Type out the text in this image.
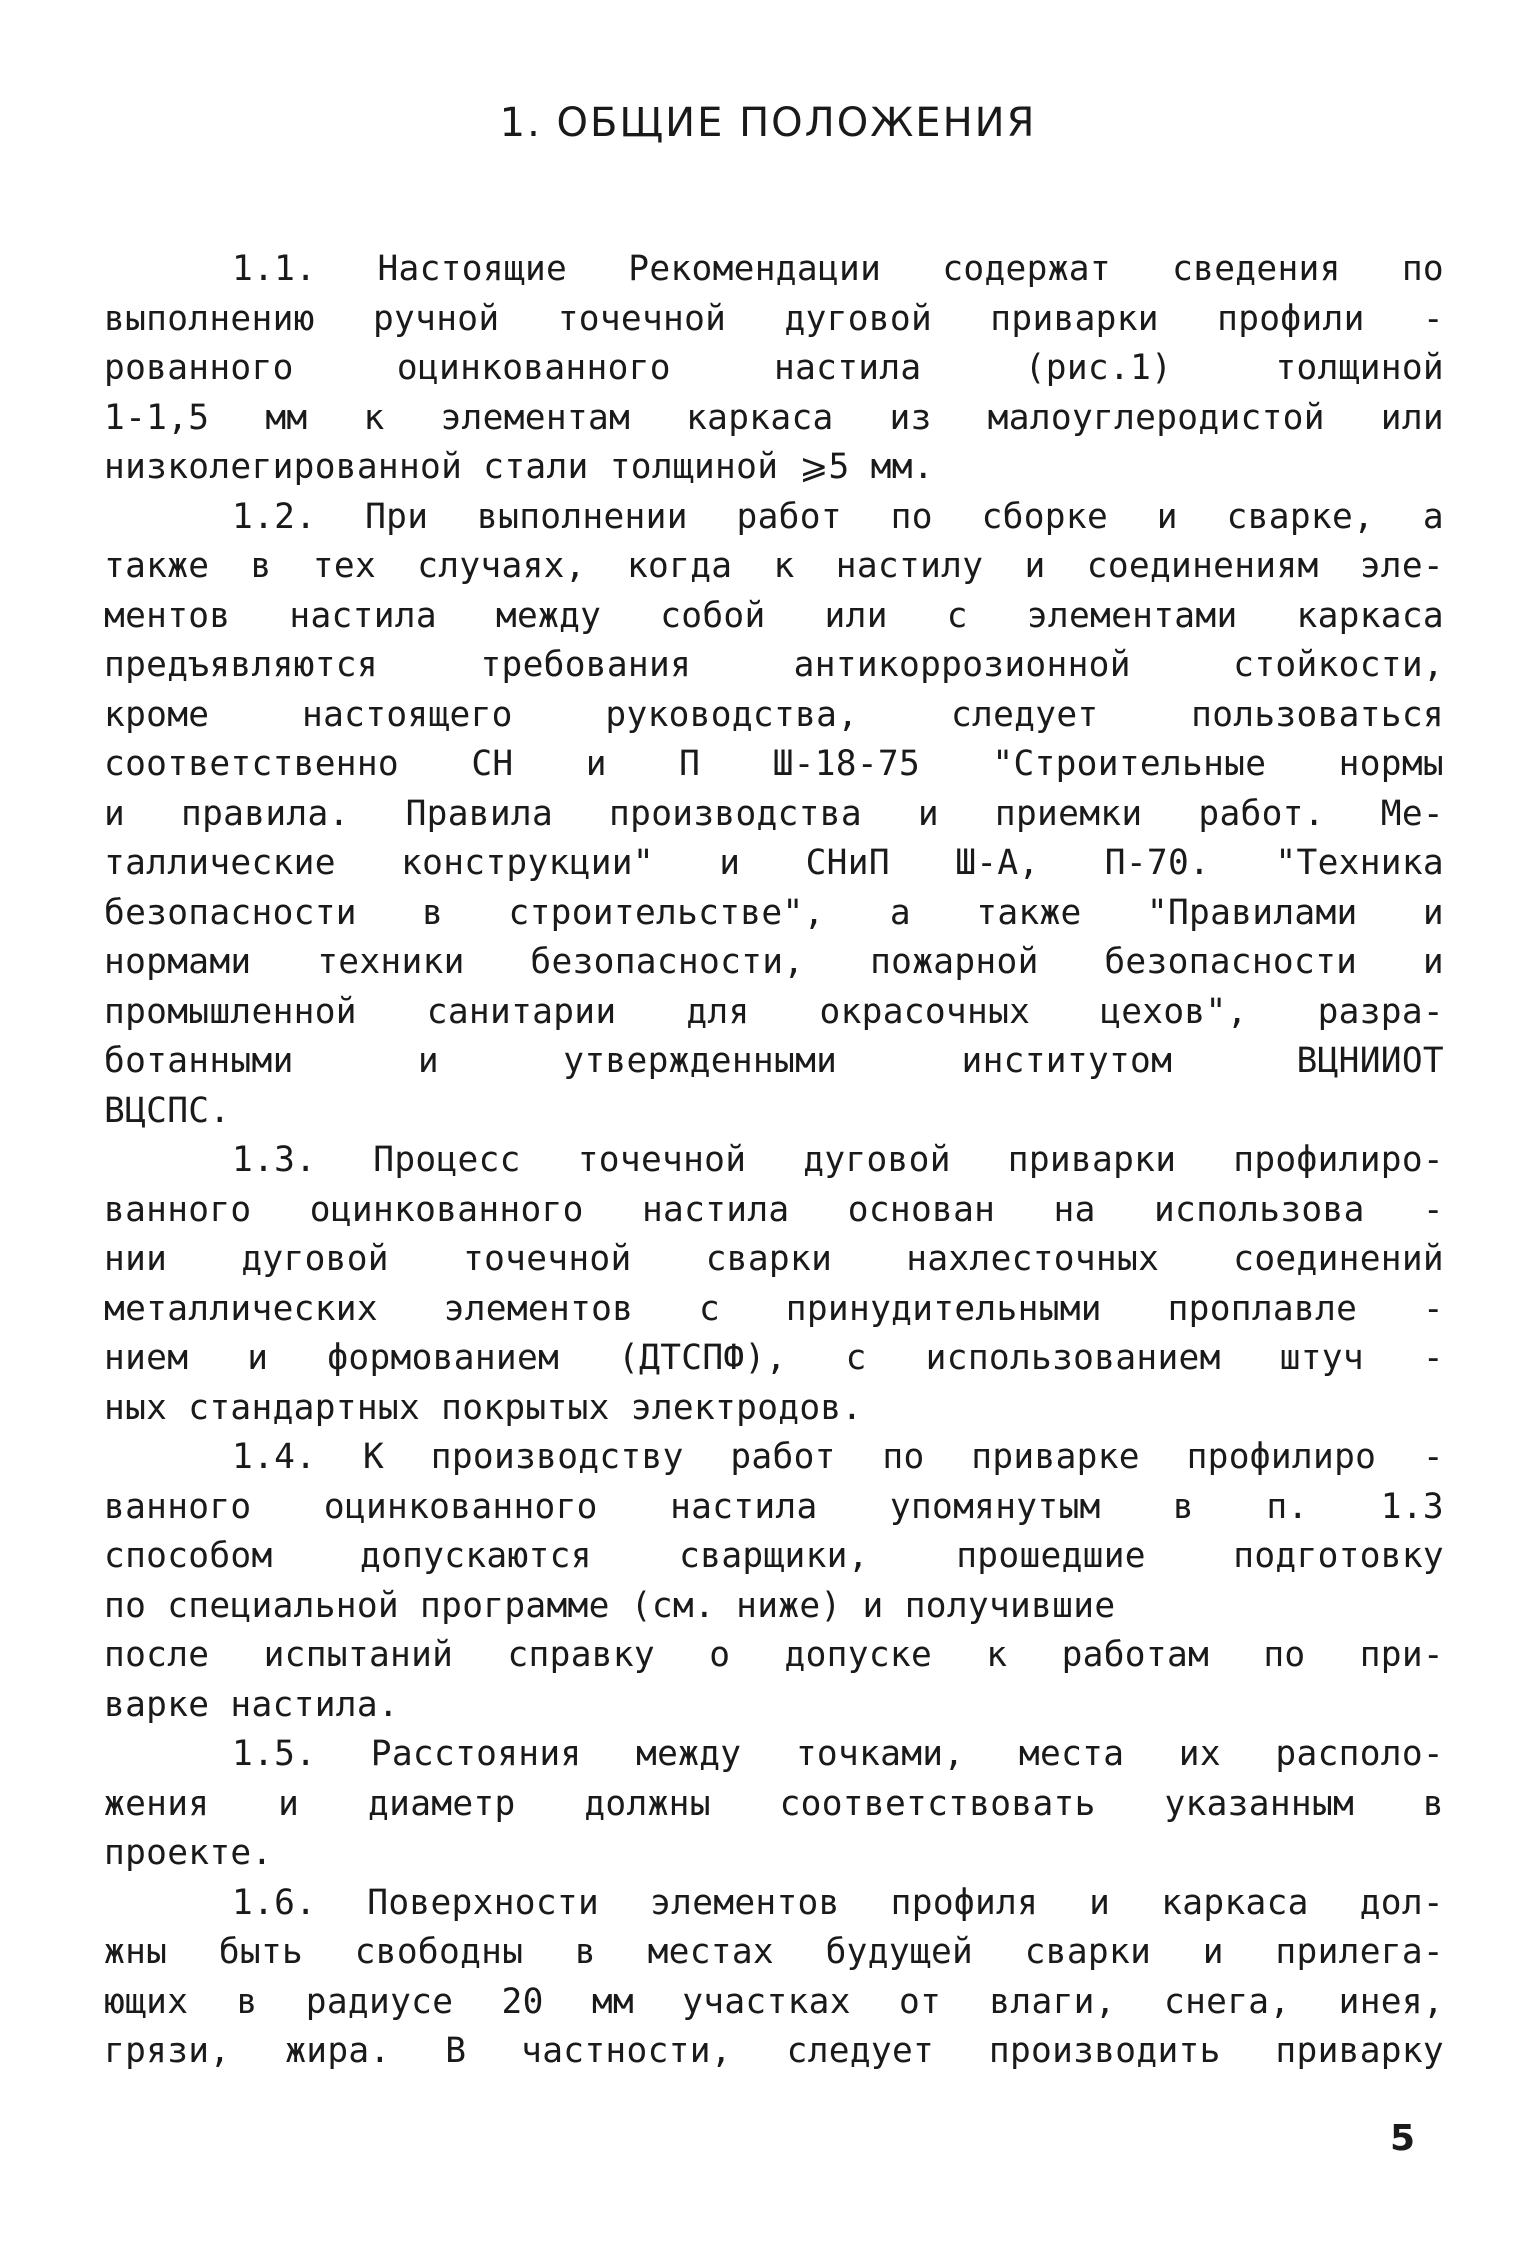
1. ОБЩИЕ ПОЛОЖЕНИЯ
1.1. Настоящие Рекомендации содержат сведения по
выполнению ручной точечной дуговой приварки профили -
рованного оцинкованного настила (рис.1) толщиной
1-1,5 мм к элементам каркаса из малоуглеродистой или
низколегированной стали толщиной ⩾5 мм.
1.2. При выполнении работ по сборке и сварке, а
также в тех случаях, когда к настилу и соединениям эле-
ментов настила между собой или с элементами каркаса
предъявляются требования антикоррозионной стойкости,
кроме настоящего руководства, следует пользоваться
соответственно СН и П Ш-18-75 "Строительные нормы
и правила. Правила производства и приемки работ. Ме-
таллические конструкции" и СНиП Ш-А, П-70. "Техника
безопасности в строительстве", а также "Правилами и
нормами техники безопасности, пожарной безопасности и
промышленной санитарии для окрасочных цехов", разра-
ботанными и утвержденными институтом ВЦНИИОТ
ВЦСПС.
1.3. Процесс точечной дуговой приварки профилиро-
ванного оцинкованного настила основан на использова -
нии дуговой точечной сварки нахлесточных соединений
металлических элементов с принудительными проплавле -
нием и формованием (ДТСПФ), с использованием штуч -
ных стандартных покрытых электродов.
1.4. К производству работ по приварке профилиро -
ванного оцинкованного настила упомянутым в п. 1.3
способом допускаются сварщики, прошедшие подготовку
по специальной программе (см. ниже) и получившие
после испытаний справку о допуске к работам по при-
варке настила.
1.5. Расстояния между точками, места их располо-
жения и диаметр должны соответствовать указанным в
проекте.
1.6. Поверхности элементов профиля и каркаса дол-
жны быть свободны в местах будущей сварки и прилега-
ющих в радиусе 20 мм участках от влаги, снега, инея,
грязи, жира. В частности, следует производить приварку
5
